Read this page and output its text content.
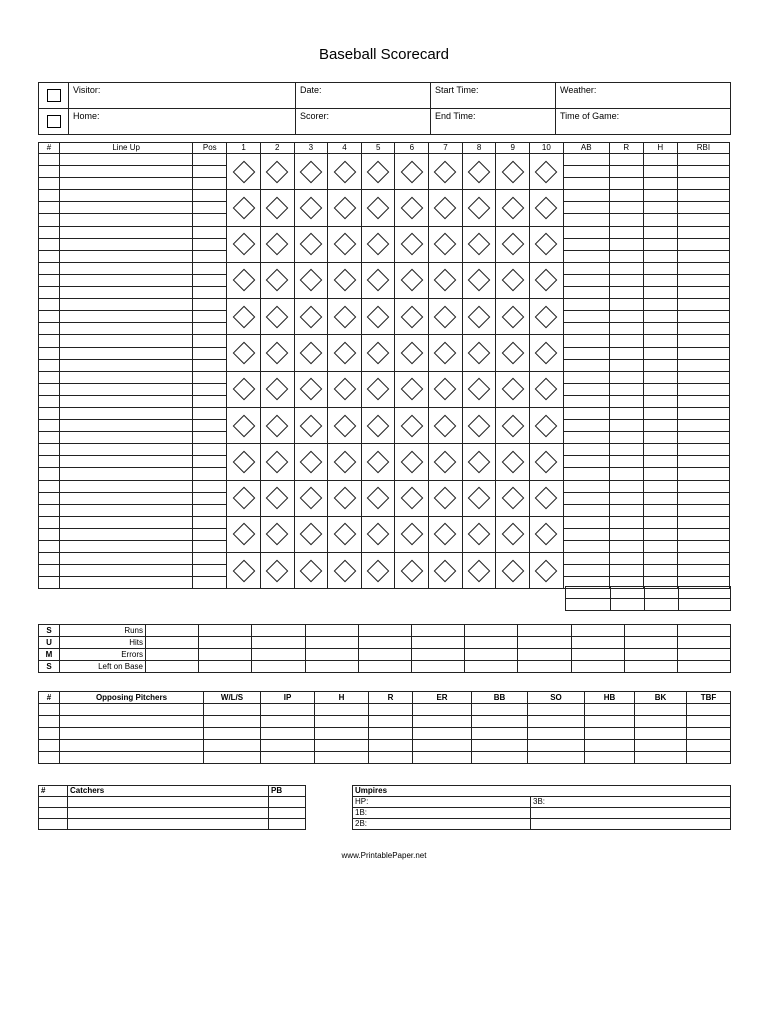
Baseball Scorecard
	Visitor:	Date:	Start Time:	Weather:

	Home:	Scorer:	End Time:	Time of Game:
#	Line Up	Pos	1	2	3	4	5	6	7	8	9	10	AB	R	H	RBI

S	Runs											
U	Hits											
M	Errors											
S	Left on Base											
#	Opposing Pitchers	W/L/S	IP	H	R	ER	BB	SO	HB	BK	TBF

#	Catchers	PB

			Umpires	
HP:	3B:
1B:	
2B:	
www.PrintablePaper.net
